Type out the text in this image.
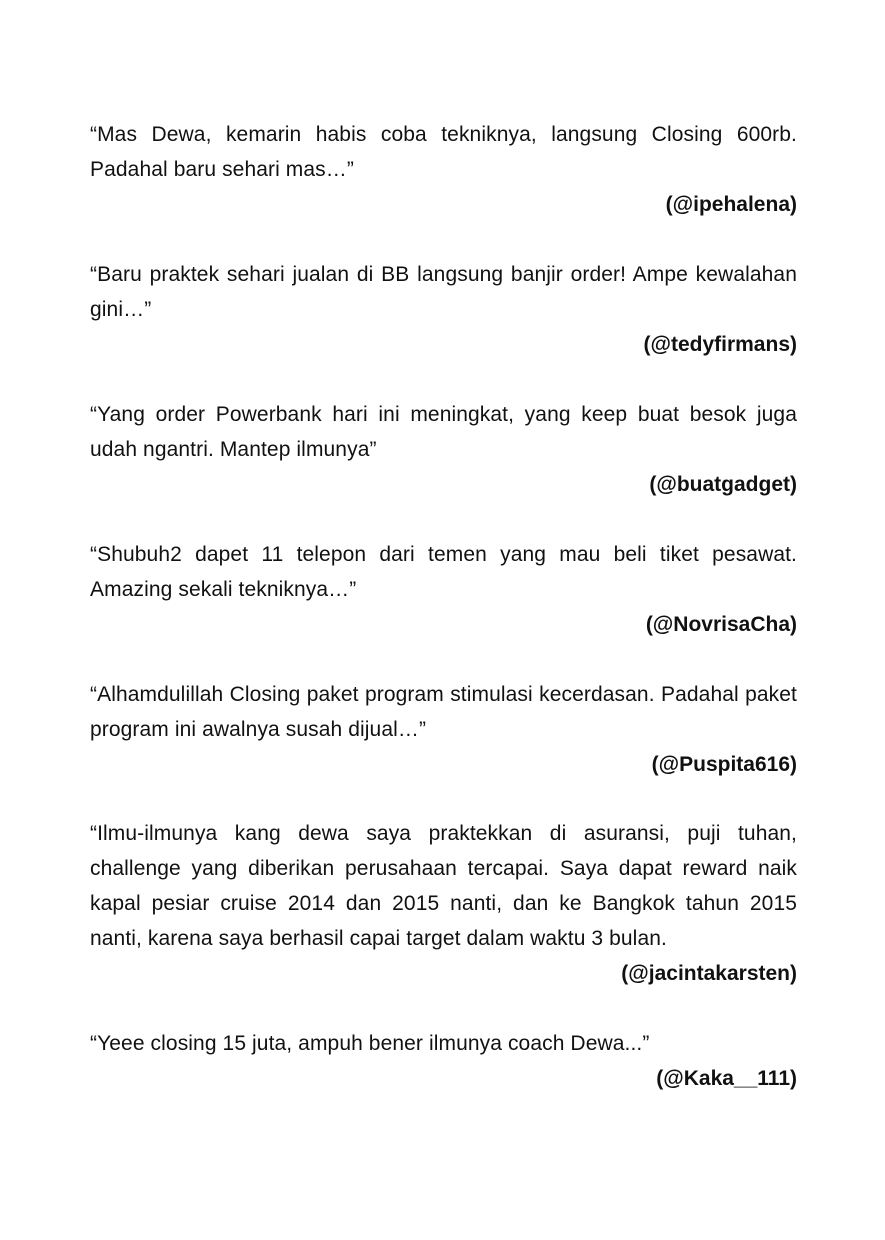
“Mas Dewa, kemarin habis coba tekniknya, langsung Closing 600rb. Padahal baru sehari mas…”

(@ipehalena)

“Baru praktek sehari jualan di BB langsung banjir order! Ampe kewalahan gini…”

(@tedyfirmans)

“Yang order Powerbank hari ini meningkat, yang keep buat besok juga udah ngantri. Mantep ilmunya”

(@buatgadget)

“Shubuh2 dapet 11 telepon dari temen yang mau beli tiket pesawat. Amazing sekali tekniknya…”

(@NovrisaCha)

“Alhamdulillah Closing paket program stimulasi kecerdasan. Padahal paket program ini awalnya susah dijual…”

(@Puspita616)

“Ilmu-ilmunya kang dewa saya praktekkan di asuransi, puji tuhan, challenge yang diberikan perusahaan tercapai. Saya dapat reward naik kapal pesiar cruise 2014 dan 2015 nanti, dan ke Bangkok tahun 2015 nanti, karena saya berhasil capai target dalam waktu 3 bulan.

(@jacintakarsten)

“Yeee closing 15 juta, ampuh bener ilmunya coach Dewa...”

(@Kaka__111)
